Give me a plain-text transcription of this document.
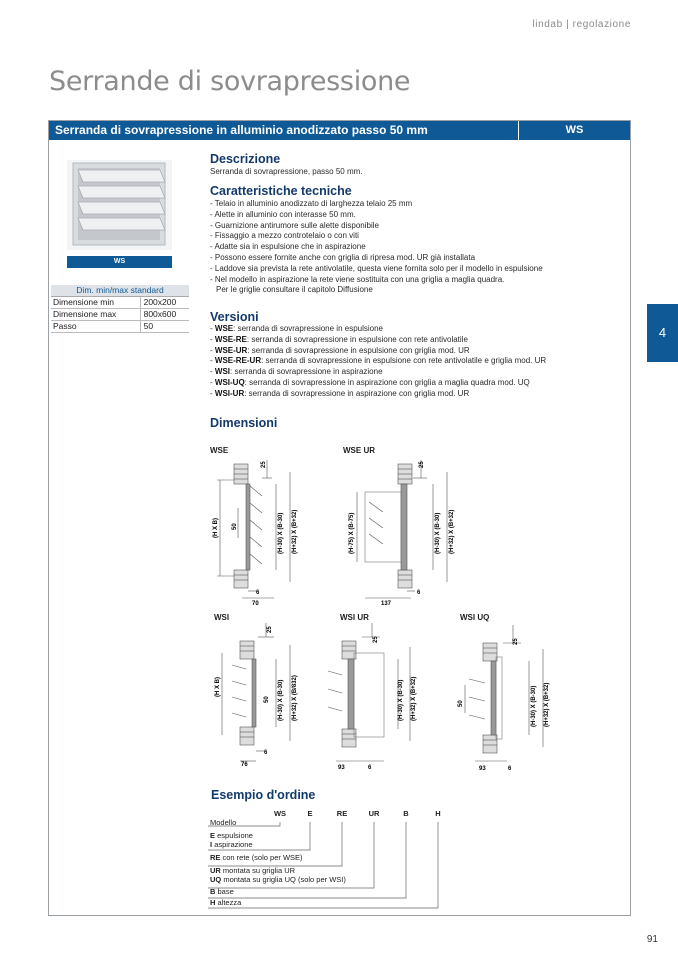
lindab | regolazione
Serrande di sovrapressione
Serranda di sovrapressione in alluminio anodizzato passo 50 mm	WS
4
91
WS
Dim. min/max standard	
Dimensione min	200x200
Dimensione max	800x600
Passo	50
Descrizione
Serranda di sovrapressione, passo 50 mm.
Caratteristiche tecniche
- Telaio in alluminio anodizzato di larghezza telaio 25 mm
- Alette in alluminio con interasse 50 mm.
- Guarnizione antirumore sulle alette disponibile
- Fissaggio a mezzo controtelaio o con viti
- Adatte sia in espulsione che in aspirazione
- Possono essere fornite anche con griglia di ripresa mod. UR già installata
- Laddove sia prevista la rete antivolatile, questa viene fornita solo per il modello in espulsione
- Nel modello in aspirazione la rete viene sostituita con una griglia a maglia quadra.
Per le griglie consultare il capitolo Diffusione
Versioni
- WSE: serranda di sovrapressione in espulsione
- WSE-RE: serranda di sovrapressione in espulsione con rete antivolatile
- WSE-UR: serranda di sovrapressione in espulsione con griglia mod. UR
- WSE-RE-UR: serranda di sovrapressione in espulsione con rete antivolatile e griglia mod. UR
- WSI: serranda di sovrapressione in aspirazione
- WSI-UQ: serranda di sovrapressione in aspirazione con griglia a maglia quadra mod. UQ
- WSI-UR: serranda di sovrapressione in aspirazione con griglia mod. UR
Dimensioni
WSE
25
(H X B) 50	(H-30) X (B-30) (H+32) X (B+32)
6
70
WSE UR
25
(H-75) X (B-75)	(H-30) X (B-30) (H+32) X (B+32)
6
137
WSI
25
(H X B)
50 (H-30) X (B-30) (H+32) X (B/832)
6
76
WSI UR
25
(H-30) X (B-30) (H+32) X (B+32)
93	6
WSI UQ
25
50	(H-30) X (B-30) (H+32) X (B+32)
93	6
Esempio d'ordine
WS	E	RE	UR	B	H
Modello
E espulsione
I aspirazione
RE con rete (solo per WSE)
UR montata su griglia UR
UQ montata su griglia UQ (solo per WSI)
B base
H altezza
